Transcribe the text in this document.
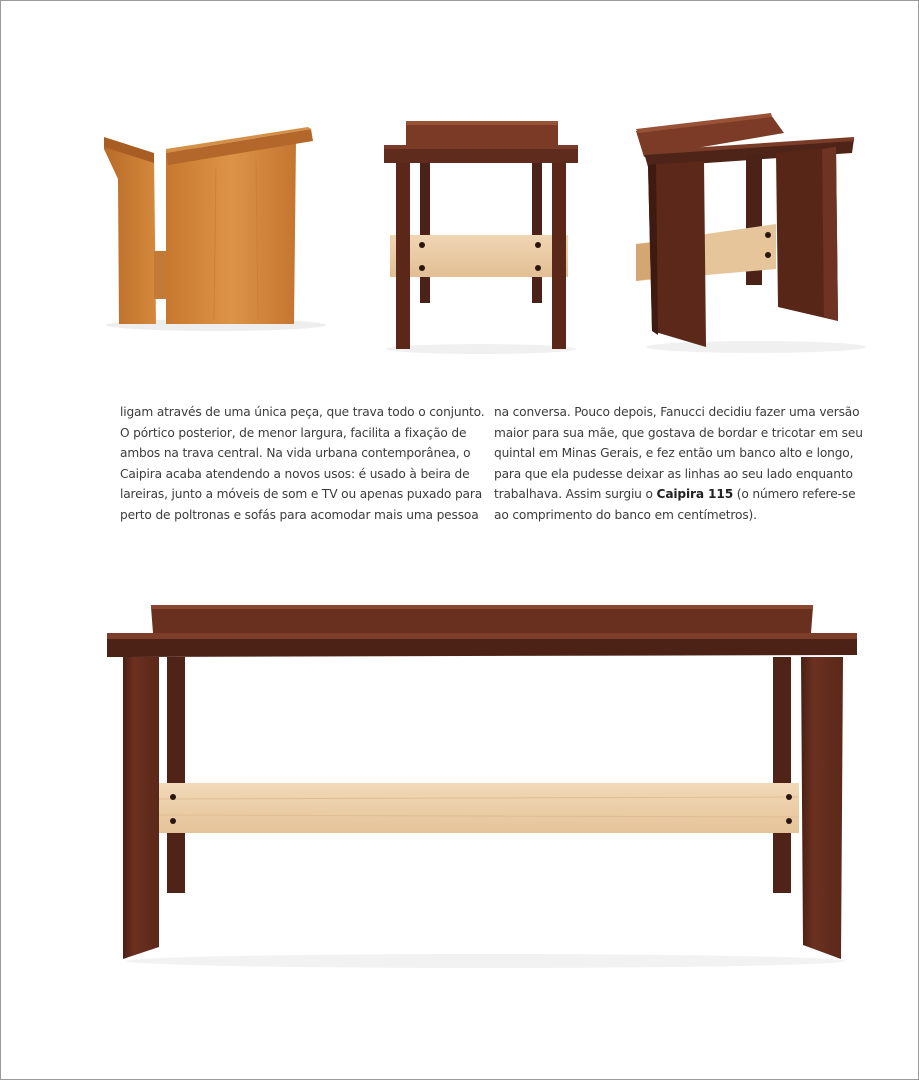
ligam através de uma única peça, que trava todo o conjunto.
O pórtico posterior, de menor largura, facilita a fixação de
ambos na trava central. Na vida urbana contemporânea, o
Caipira acaba atendendo a novos usos: é usado à beira de
lareiras, junto a móveis de som e TV ou apenas puxado para
perto de poltronas e sofás para acomodar mais uma pessoa
na conversa. Pouco depois, Fanucci decidiu fazer uma versão
maior para sua mãe, que gostava de bordar e tricotar em seu
quintal em Minas Gerais, e fez então um banco alto e longo,
para que ela pudesse deixar as linhas ao seu lado enquanto
trabalhava. Assim surgiu o Caipira 115 (o número refere-se
ao comprimento do banco em centímetros).
